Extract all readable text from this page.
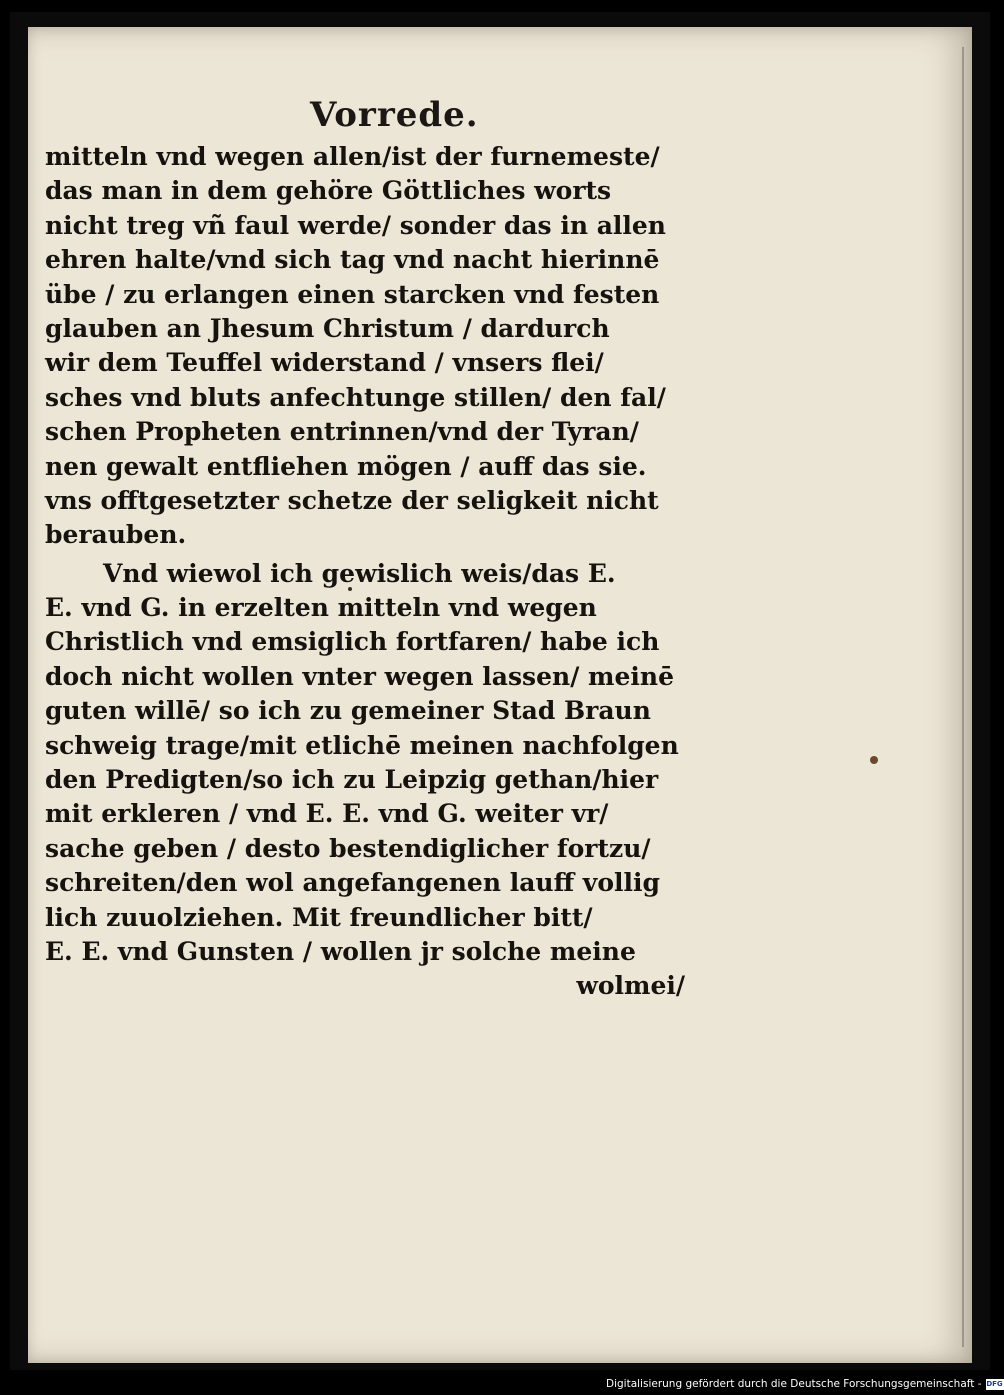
Vorrede.
mitteln vnd wegen allen/ist der furnemeste/
das man in dem gehöre Göttliches worts
nicht treg vñ faul werde/ sonder das in allen
ehren halte/vnd sich tag vnd nacht hierinnē
übe / zu erlangen einen starcken vnd festen
glauben an Jhesum Christum / dardurch
wir dem Teuffel widerstand / vnsers flei/
sches vnd bluts anfechtunge stillen/ den fal/
schen Propheten entrinnen/vnd der Tyran/
nen gewalt entfliehen mögen / auff das sie.
vns offtgesetzter schetze der seligkeit nicht
berauben.
Vnd wiewol ich gewislich weis/das E.
E. vnd G. in erzelten mitteln vnd wegen
Christlich vnd emsiglich fortfaren/ habe ich
doch nicht wollen vnter wegen lassen/ meinē
guten willē/ so ich zu gemeiner Stad Braun
schweig trage/mit etlichē meinen nachfolgen
den Predigten/so ich zu Leipzig gethan/hier
mit erkleren / vnd E. E. vnd G. weiter vr/
sache geben / desto bestendiglicher fortzu/
schreiten/den wol angefangenen lauff vollig
lich zuuolziehen. Mit freundlicher bitt/
E. E. vnd Gunsten / wollen jr solche meine
wolmei/
Digitalisierung gefördert durch die Deutsche Forschungsgemeinschaft - DFG
